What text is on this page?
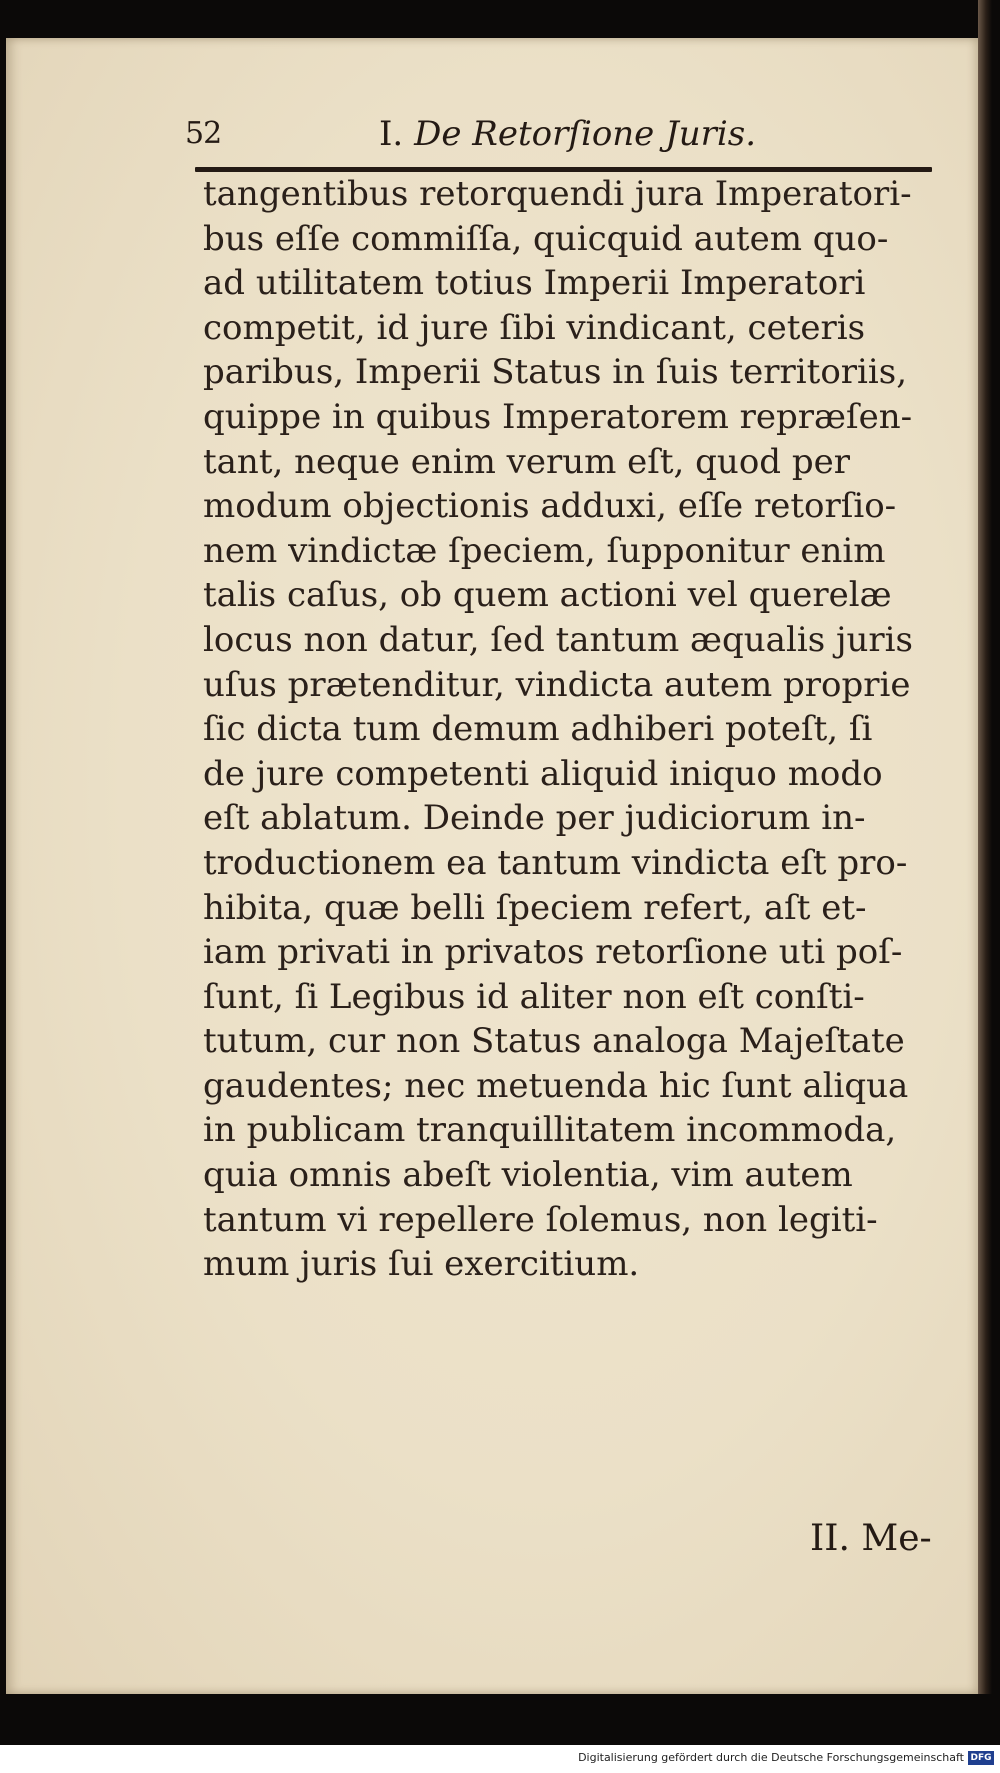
52	I. De Retorſione Juris.
tangentibus retorquendi jura Imperatori-
bus eſſe commiſſa, quicquid autem quo-
ad utilitatem totius Imperii Imperatori
competit, id jure ſibi vindicant, ceteris
paribus, Imperii Status in ſuis territoriis,
quippe in quibus Imperatorem repræſen-
tant, neque enim verum eſt, quod per
modum objectionis adduxi, eſſe retorſio-
nem vindictæ ſpeciem, ſupponitur enim
talis caſus, ob quem actioni vel querelæ
locus non datur, ſed tantum æqualis juris
uſus prætenditur, vindicta autem proprie
ſic dicta tum demum adhiberi poteſt, ſi
de jure competenti aliquid iniquo modo
eſt ablatum. Deinde per judiciorum in-
troductionem ea tantum vindicta eſt pro-
hibita, quæ belli ſpeciem refert, aſt et-
iam privati in privatos retorſione uti poſ-
ſunt, ſi Legibus id aliter non eſt conſti-
tutum, cur non Status analoga Majeſtate
gaudentes; nec metuenda hic ſunt aliqua
in publicam tranquillitatem incommoda,
quia omnis abeſt violentia, vim autem
tantum vi repellere ſolemus, non legiti-
mum juris ſui exercitium.
II. Me-
Digitalisierung gefördert durch die Deutsche Forschungsgemeinschaft DFG
